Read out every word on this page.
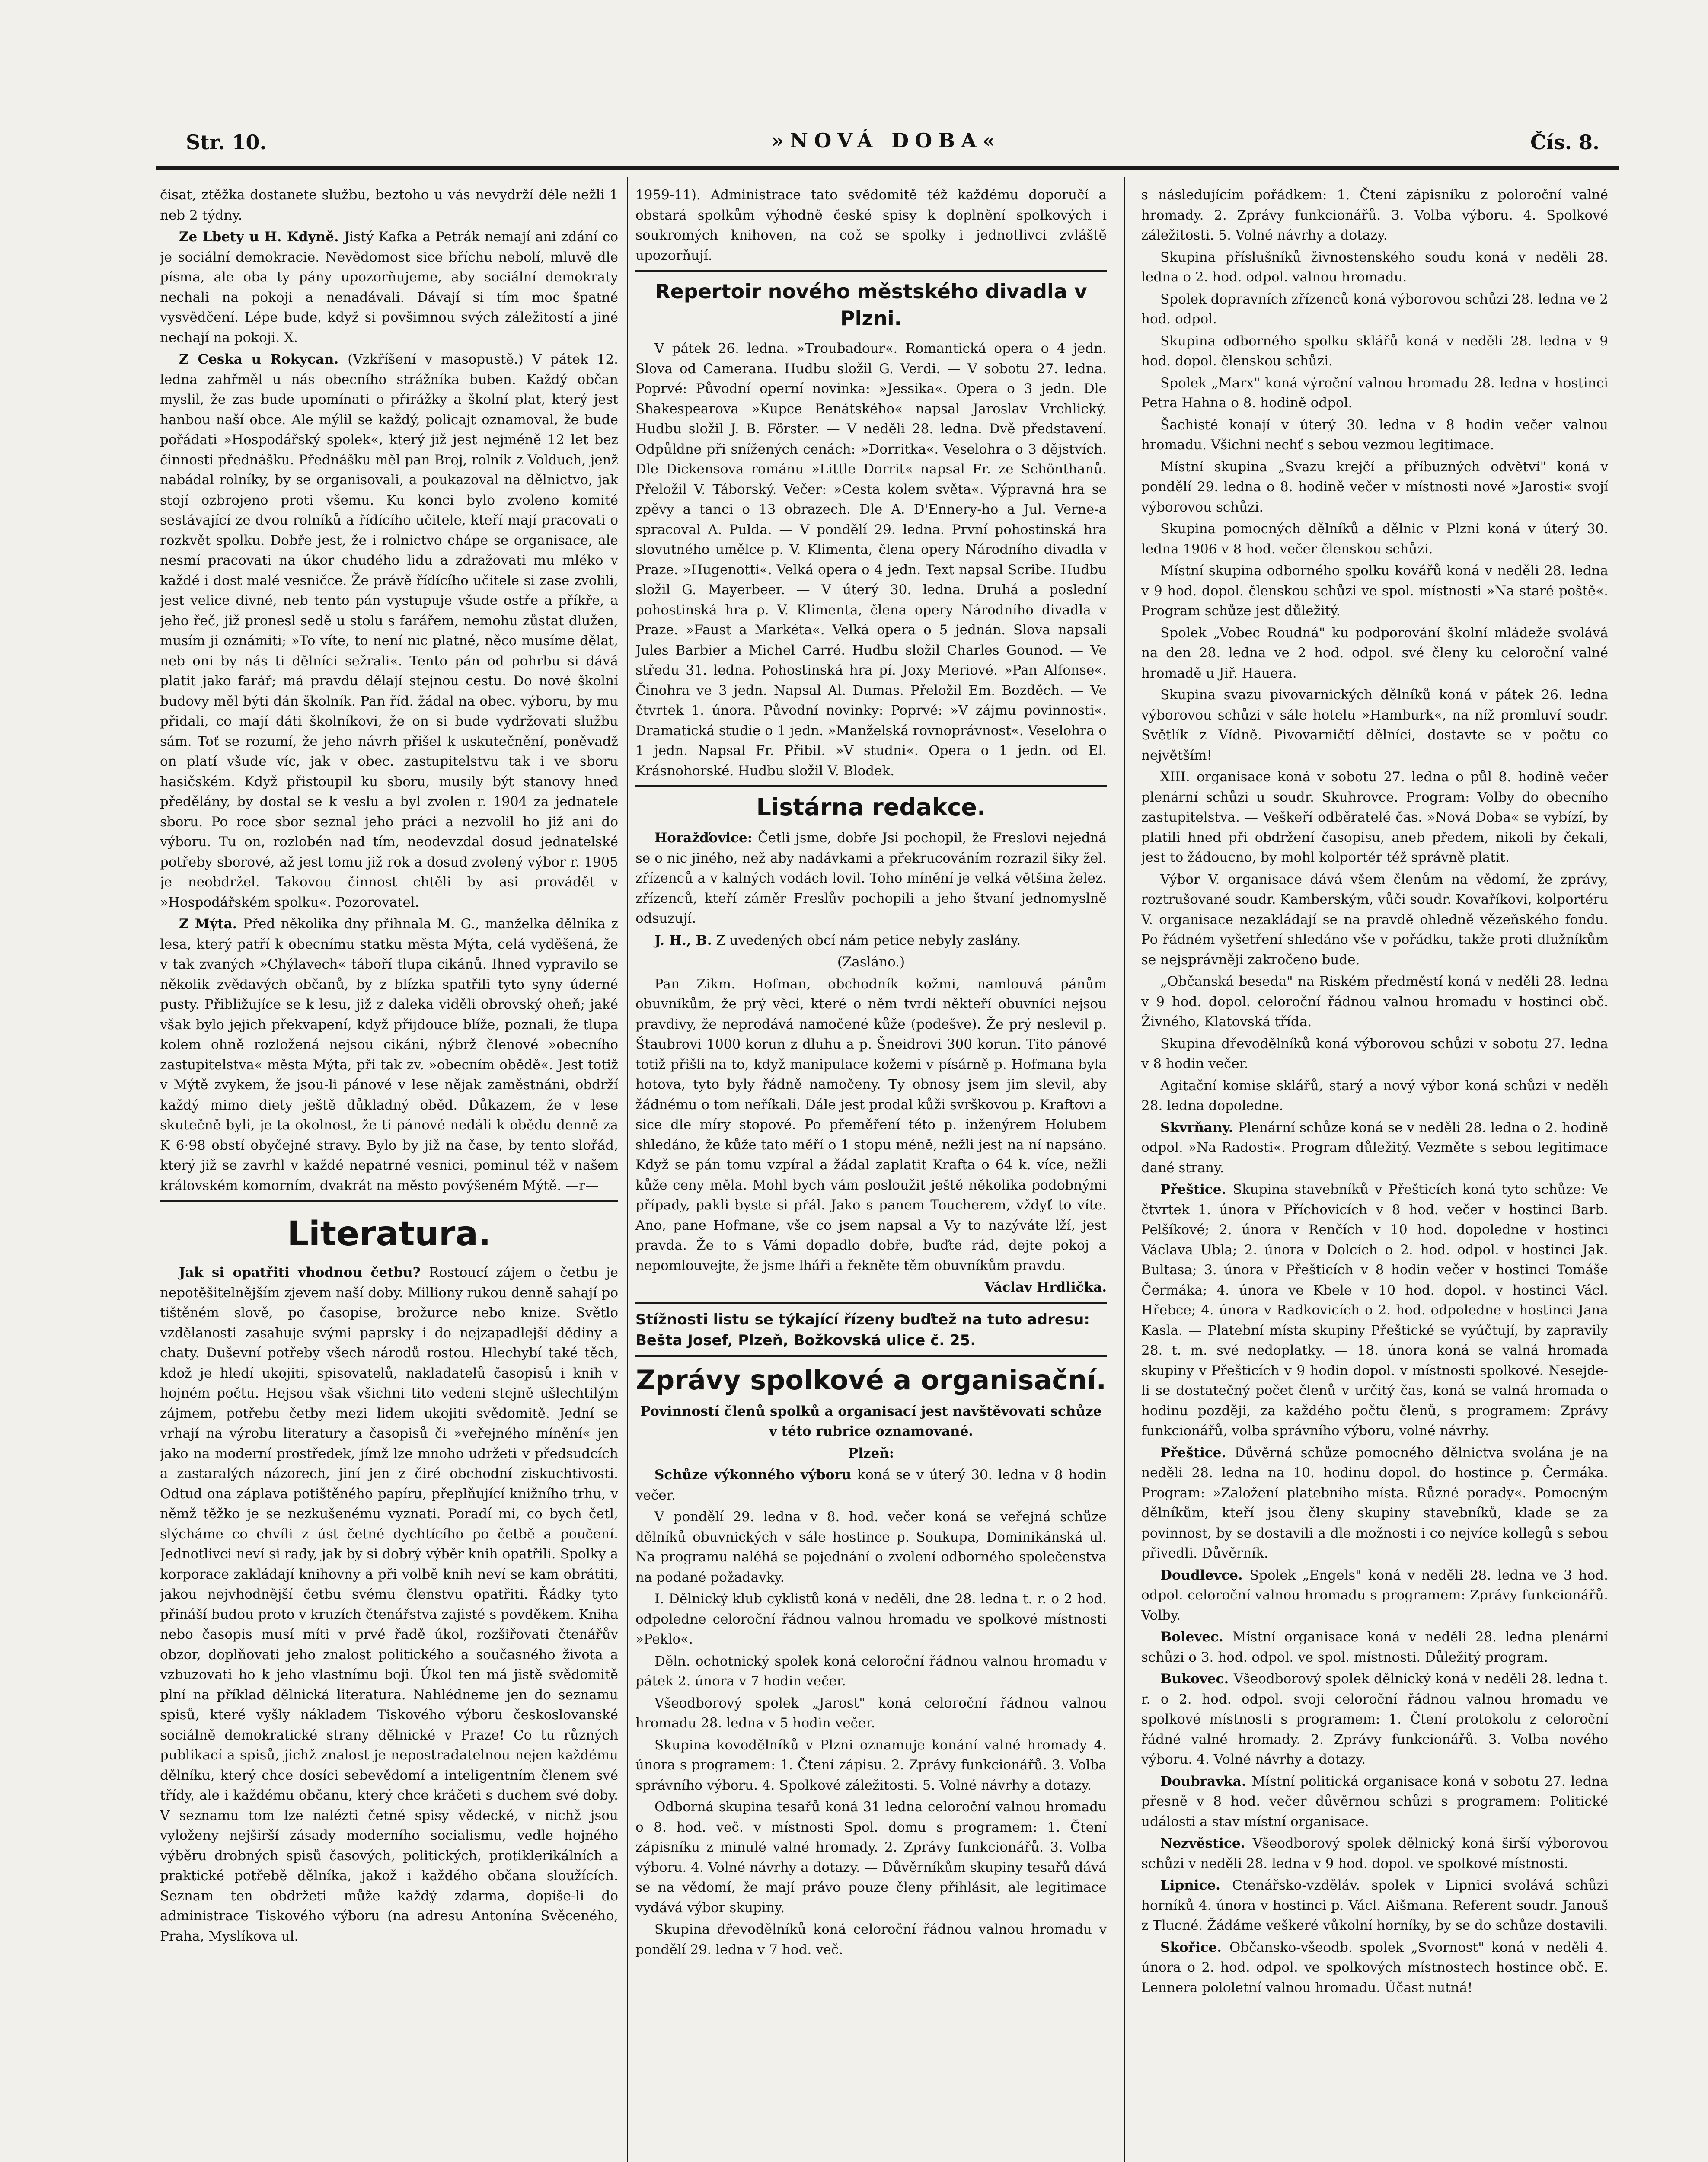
Str. 10.	»NOVÁ DOBA«	Čís. 8.

čisat, ztěžka dostanete službu, beztoho u vás nevydrží déle nežli 1 neb 2 týdny.

Ze Lbety u H. Kdyně. Jistý Kafka a Petrák nemají ani zdání co je sociální demokracie. Nevědomost sice bříchu nebolí, mluvě dle písma, ale oba ty pány upozorňujeme, aby sociální demokraty nechali na pokoji a nenadávali. Dávají si tím moc špatné vysvědčení. Lépe bude, když si povšimnou svých záležitostí a jiné nechají na pokoji. X.

Z Ceska u Rokycan. (Vzkříšení v masopustě.) V pátek 12. ledna zahřměl u nás obecního strážníka buben. Každý občan myslil, že zas bude upomínati o přirážky a školní plat, který jest hanbou naší obce. Ale mýlil se každý, policajt oznamoval, že bude pořádati »Hospodářský spolek«, který již jest nejméně 12 let bez činnosti přednášku. Přednášku měl pan Broj, rolník z Volduch, jenž nabádal rolníky, by se organisovali, a poukazoval na dělnictvo, jak stojí ozbrojeno proti všemu. Ku konci bylo zvoleno komité sestávající ze dvou rolníků a řídícího učitele, kteří mají pracovati o rozkvět spolku. Dobře jest, že i rolnictvo chápe se organisace, ale nesmí pracovati na úkor chudého lidu a zdražovati mu mléko v každé i dost malé vesničce. Že právě řídícího učitele si zase zvolili, jest velice divné, neb tento pán vystupuje všude ostře a příkře, a jeho řeč, již pronesl sedě u stolu s farářem, nemohu zůstat dlužen, musím ji oznámiti; »To víte, to není nic platné, něco musíme dělat, neb oni by nás ti dělníci sežrali«. Tento pán od pohrbu si dává platit jako farář; má pravdu dělají stejnou cestu. Do nové školní budovy měl býti dán školník. Pan říd. žádal na obec. výboru, by mu přidali, co mají dáti školníkovi, že on si bude vydržovati službu sám. Toť se rozumí, že jeho návrh přišel k uskutečnění, poněvadž on platí všude víc, jak v obec. zastupitelstvu tak i ve sboru hasičském. Když přistoupil ku sboru, musily být stanovy hned předělány, by dostal se k veslu a byl zvolen r. 1904 za jednatele sboru. Po roce sbor seznal jeho práci a nezvolil ho již ani do výboru. Tu on, rozlobén nad tím, neodevzdal dosud jednatelské potřeby sborové, až jest tomu již rok a dosud zvolený výbor r. 1905 je neobdržel. Takovou činnost chtěli by asi provádět v »Hospodářském spolku«. Pozorovatel.

Z Mýta. Před několika dny přihnala M. G., manželka dělníka z lesa, který patří k obecnímu statku města Mýta, celá vyděšená, že v tak zvaných »Chýlavech« táboří tlupa cikánů. Ihned vypravilo se několik zvědavých občanů, by z blízka spatřili tyto syny úderné pusty. Přibližujíce se k lesu, již z daleka viděli obrovský oheň; jaké však bylo jejich překvapení, když přijdouce blíže, poznali, že tlupa kolem ohně rozložená nejsou cikáni, nýbrž členové »obecního zastupitelstva« města Mýta, při tak zv. »obecním obědě«. Jest totiž v Mýtě zvykem, že jsou-li pánové v lese nějak zaměstnáni, obdrží každý mimo diety ještě důkladný oběd. Důkazem, že v lese skutečně byli, je ta okolnost, že ti pánové nedáli k obědu denně za K 6·98 obstí obyčejné stravy. Bylo by již na čase, by tento slořád, který již se zavrhl v každé nepatrné vesnici, pominul též v našem královském komorním, dvakrát na město povýšeném Mýtě. —r—

Literatura.

Jak si opatřiti vhodnou četbu? Rostoucí zájem o četbu je nepotěšitelnějším zjevem naší doby. Milliony rukou denně sahají po tištěném slově, po časopise, brožurce nebo knize. Světlo vzdělanosti zasahuje svými paprsky i do nejzapadlejší dědiny a chaty. Duševní potřeby všech národů rostou. Hlechybí také těch, kdož je hledí ukojiti, spisovatelů, nakladatelů časopisů i knih v hojném počtu. Hejsou však všichni tito vedeni stejně ušlechtilým zájmem, potřebu četby mezi lidem ukojiti svědomitě. Jední se vrhají na výrobu literatury a časopisů či »veřejného mínění« jen jako na moderní prostředek, jímž lze mnoho udržeti v předsudcích a zastaralých názorech, jiní jen z čiré obchodní ziskuchtivosti. Odtud ona záplava potištěného papíru, přeplňující knižního trhu, v němž těžko je se nezkušenému vyznati. Poradí mi, co bych četl, slýcháme co chvíli z úst četné dychtícího po četbě a poučení. Jednotlivci neví si rady, jak by si dobrý výběr knih opatřili. Spolky a korporace zakládají knihovny a při volbě knih neví se kam obrátiti, jakou nejvhodnější četbu svému členstvu opatřiti. Řádky tyto přináší budou proto v kruzích čtenářstva zajisté s povděkem. Kniha nebo časopis musí míti v prvé řadě úkol, rozšiřovati čtenářův obzor, doplňovati jeho znalost politického a současného života a vzbuzovati ho k jeho vlastnímu boji. Úkol ten má jistě svědomitě plní na příklad dělnická literatura. Nahlédneme jen do seznamu spisů, které vyšly nákladem Tiskového výboru českoslovanské sociálně demokratické strany dělnické v Praze! Co tu různých publikací a spisů, jichž znalost je nepostradatelnou nejen každému dělníku, který chce dosíci sebevědomí a inteligentním členem své třídy, ale i každému občanu, který chce kráčeti s duchem své doby. V seznamu tom lze nalézti četné spisy vědecké, v nichž jsou vyloženy nejširší zásady moderního socialismu, vedle hojného výběru drobných spisů časových, politických, protiklerikálních a praktické potřebě dělníka, jakož i každého občana sloužících. Seznam ten obdržeti může každý zdarma, dopíše-li do administrace Tiskového výboru (na adresu Antonína Svěceného, Praha, Myslíkova ul.

1959-11). Administrace tato svědomitě též každému doporučí a obstará spolkům výhodně české spisy k doplnění spolkových i soukromých knihoven, na což se spolky i jednotlivci zvláště upozorňují.

Repertoir nového městského divadla v Plzni.

V pátek 26. ledna. »Troubadour«. Romantická opera o 4 jedn. Slova od Camerana. Hudbu složil G. Verdi. — V sobotu 27. ledna. Poprvé: Původní operní novinka: »Jessika«. Opera o 3 jedn. Dle Shakespearova »Kupce Benátského« napsal Jaroslav Vrchlický. Hudbu složil J. B. Förster. — V neděli 28. ledna. Dvě představení. Odpůldne při snížených cenách: »Dorritka«. Veselohra o 3 dějstvích. Dle Dickensova románu »Little Dorrit« napsal Fr. ze Schönthanů. Přeložil V. Táborský. Večer: »Cesta kolem světa«. Výpravná hra se zpěvy a tanci o 13 obrazech. Dle A. D'Ennery-ho a Jul. Verne-a spracoval A. Pulda. — V pondělí 29. ledna. První pohostinská hra slovutného umělce p. V. Klimenta, člena opery Národního divadla v Praze. »Hugenotti«. Velká opera o 4 jedn. Text napsal Scribe. Hudbu složil G. Mayerbeer. — V úterý 30. ledna. Druhá a poslední pohostinská hra p. V. Klimenta, člena opery Národního divadla v Praze. »Faust a Markéta«. Velká opera o 5 jednán. Slova napsali Jules Barbier a Michel Carré. Hudbu složil Charles Gounod. — Ve středu 31. ledna. Pohostinská hra pí. Joxy Meriové. »Pan Alfonse«. Činohra ve 3 jedn. Napsal Al. Dumas. Přeložil Em. Bozděch. — Ve čtvrtek 1. února. Původní novinky: Poprvé: »V zájmu povinnosti«. Dramatická studie o 1 jedn. »Manželská rovnoprávnost«. Veselohra o 1 jedn. Napsal Fr. Přibil. »V studni«. Opera o 1 jedn. od El. Krásnohorské. Hudbu složil V. Blodek.

Listárna redakce.

Horažďovice: Četli jsme, dobře Jsi pochopil, že Freslovi nejedná se o nic jiného, než aby nadávkami a překrucováním rozrazil šiky žel. zřízenců a v kalných vodách lovil. Toho mínění je velká většina želez. zřízenců, kteří záměr Freslův pochopili a jeho štvaní jednomyslně odsuzují.

J. H., B. Z uvedených obcí nám petice nebyly zaslány.

(Zasláno.)

Pan Zikm. Hofman, obchodník kožmi, namlouvá pánům obuvníkům, že prý věci, které o něm tvrdí někteří obuvníci nejsou pravdivy, že neprodává namočené kůže (podešve). Že prý neslevil p. Štaubrovi 1000 korun z dluhu a p. Šneidrovi 300 korun. Tito pánové totiž přišli na to, když manipulace kožemi v písárně p. Hofmana byla hotova, tyto byly řádně namočeny. Ty obnosy jsem jim slevil, aby žádnému o tom neříkali. Dále jest prodal kůži svrškovou p. Kraftovi a sice dle míry stopové. Po přeměření této p. inženýrem Holubem shledáno, že kůže tato měří o 1 stopu méně, nežli jest na ní napsáno. Když se pán tomu vzpíral a žádal zaplatit Krafta o 64 k. více, nežli kůže ceny měla. Mohl bych vám posloužit ještě několika podobnými případy, pakli byste si přál. Jako s panem Toucherem, vždyť to víte. Ano, pane Hofmane, vše co jsem napsal a Vy to nazýváte lží, jest pravda. Že to s Vámi dopadlo dobře, buďte rád, dejte pokoj a nepomlouvejte, že jsme lháři a řekněte těm obuvníkům pravdu.

Václav Hrdlička.

Stížnosti listu se týkající řízeny buďtež na tuto adresu: Bešta Josef, Plzeň, Božkovská ulice č. 25.
Zprávy spolkové a organisační.

Povinností členů spolků a organisací jest navštěvovati schůze v této rubrice oznamované.

Plzeň:

Schůze výkonného výboru koná se v úterý 30. ledna v 8 hodin večer.

V pondělí 29. ledna v 8. hod. večer koná se veřejná schůze dělníků obuvnických v sále hostince p. Soukupa, Dominikánská ul. Na programu naléhá se pojednání o zvolení odborného společenstva na podané požadavky.

I. Dělnický klub cyklistů koná v neděli, dne 28. ledna t. r. o 2 hod. odpoledne celoroční řádnou valnou hromadu ve spolkové místnosti »Peklo«.

Děln. ochotnický spolek koná celoroční řádnou valnou hromadu v pátek 2. února v 7 hodin večer.

Všeodborový spolek „Jarost" koná celoroční řádnou valnou hromadu 28. ledna v 5 hodin večer.

Skupina kovodělníků v Plzni oznamuje konání valné hromady 4. února s programem: 1. Čtení zápisu. 2. Zprávy funkcionářů. 3. Volba správního výboru. 4. Spolkové záležitosti. 5. Volné návrhy a dotazy.

Odborná skupina tesařů koná 31 ledna celoroční valnou hromadu o 8. hod. več. v místnosti Spol. domu s programem: 1. Čtení zápisníku z minulé valné hromady. 2. Zprávy funkcionářů. 3. Volba výboru. 4. Volné návrhy a dotazy. — Důvěrníkům skupiny tesařů dává se na vědomí, že mají právo pouze členy přihlásit, ale legitimace vydává výbor skupiny.

Skupina dřevodělníků koná celoroční řádnou valnou hromadu v pondělí 29. ledna v 7 hod. več.

s následujícím pořádkem: 1. Čtení zápisníku z poloroční valné hromady. 2. Zprávy funkcionářů. 3. Volba výboru. 4. Spolkové záležitosti. 5. Volné návrhy a dotazy.

Skupina příslušníků živnostenského soudu koná v neděli 28. ledna o 2. hod. odpol. valnou hromadu.

Spolek dopravních zřízenců koná výborovou schůzi 28. ledna ve 2 hod. odpol.

Skupina odborného spolku sklářů koná v neděli 28. ledna v 9 hod. dopol. členskou schůzi.

Spolek „Marx" koná výroční valnou hromadu 28. ledna v hostinci Petra Hahna o 8. hodině odpol.

Šachisté konají v úterý 30. ledna v 8 hodin večer valnou hromadu. Všichni nechť s sebou vezmou legitimace.

Místní skupina „Svazu krejčí a příbuzných odvětví" koná v pondělí 29. ledna o 8. hodině večer v místnosti nové »Jarosti« svojí výborovou schůzi.

Skupina pomocných dělníků a dělnic v Plzni koná v úterý 30. ledna 1906 v 8 hod. večer členskou schůzi.

Místní skupina odborného spolku kovářů koná v neděli 28. ledna v 9 hod. dopol. členskou schůzi ve spol. místnosti »Na staré poště«. Program schůze jest důležitý.

Spolek „Vobec Roudná" ku podporování školní mládeže svolává na den 28. ledna ve 2 hod. odpol. své členy ku celoroční valné hromadě u Jiř. Hauera.

Skupina svazu pivovarnických dělníků koná v pátek 26. ledna výborovou schůzi v sále hotelu »Hamburk«, na níž promluví soudr. Světlík z Vídně. Pivovarničtí dělníci, dostavte se v počtu co největším!

XIII. organisace koná v sobotu 27. ledna o půl 8. hodině večer plenární schůzi u soudr. Skuhrovce. Program: Volby do obecního zastupitelstva. — Veškeří odběratelé čas. »Nová Doba« se vybízí, by platili hned při obdržení časopisu, aneb předem, nikoli by čekali, jest to žádoucno, by mohl kolportér též správně platit.

Výbor V. organisace dává všem členům na vědomí, že zprávy, roztrušované soudr. Kamberským, vůči soudr. Kovaříkovi, kolportéru V. organisace nezakládají se na pravdě ohledně vězeňského fondu. Po řádném vyšetření shledáno vše v pořádku, takže proti dlužníkům se nejsprávněji zakročeno bude.

„Občanská beseda" na Riském předměstí koná v neděli 28. ledna v 9 hod. dopol. celoroční řádnou valnou hromadu v hostinci obč. Živného, Klatovská třída.

Skupina dřevodělníků koná výborovou schůzi v sobotu 27. ledna v 8 hodin večer.

Agitační komise sklářů, starý a nový výbor koná schůzi v neděli 28. ledna dopoledne.

Skvrňany. Plenární schůze koná se v neděli 28. ledna o 2. hodině odpol. »Na Radosti«. Program důležitý. Vezměte s sebou legitimace dané strany.

Přeštice. Skupina stavebníků v Přešticích koná tyto schůze: Ve čtvrtek 1. února v Příchovicích v 8 hod. večer v hostinci Barb. Pelšíkové; 2. února v Renčích v 10 hod. dopoledne v hostinci Václava Ubla; 2. února v Dolcích o 2. hod. odpol. v hostinci Jak. Bultasa; 3. února v Přešticích v 8 hodin večer v hostinci Tomáše Čermáka; 4. února ve Kbele v 10 hod. dopol. v hostinci Václ. Hřebce; 4. února v Radkovicích o 2. hod. odpoledne v hostinci Jana Kasla. — Platební místa skupiny Přeštické se vyúčtují, by zapravily 28. t. m. své nedoplatky. — 18. února koná se valná hromada skupiny v Přešticích v 9 hodin dopol. v místnosti spolkové. Nesejde-li se dostatečný počet členů v určitý čas, koná se valná hromada o hodinu později, za každého počtu členů, s programem: Zprávy funkcionářů, volba správního výboru, volné návrhy.

Přeštice. Důvěrná schůze pomocného dělnictva svolána je na neděli 28. ledna na 10. hodinu dopol. do hostince p. Čermáka. Program: »Založení platebního místa. Různé porady«. Pomocným dělníkům, kteří jsou členy skupiny stavebníků, klade se za povinnost, by se dostavili a dle možnosti i co nejvíce kollegů s sebou přivedli. Důvěrník.

Doudlevce. Spolek „Engels" koná v neděli 28. ledna ve 3 hod. odpol. celoroční valnou hromadu s programem: Zprávy funkcionářů. Volby.

Bolevec. Místní organisace koná v neděli 28. ledna plenární schůzi o 3. hod. odpol. ve spol. místnosti. Důležitý program.

Bukovec. Všeodborový spolek dělnický koná v neděli 28. ledna t. r. o 2. hod. odpol. svoji celoroční řádnou valnou hromadu ve spolkové místnosti s programem: 1. Čtení protokolu z celoroční řádné valné hromady. 2. Zprávy funkcionářů. 3. Volba nového výboru. 4. Volné návrhy a dotazy.

Doubravka. Místní politická organisace koná v sobotu 27. ledna přesně v 8 hod. večer důvěrnou schůzi s programem: Politické události a stav místní organisace.

Nezvěstice. Všeodborový spolek dělnický koná širší výborovou schůzi v neděli 28. ledna v 9 hod. dopol. ve spolkové místnosti.

Lipnice. Ctenářsko-vzděláv. spolek v Lipnici svolává schůzi horníků 4. února v hostinci p. Václ. Aišmana. Referent soudr. Janouš z Tlucné. Žádáme veškeré vůkolní horníky, by se do schůze dostavili.

Skořice. Občansko-všeodb. spolek „Svornost" koná v neděli 4. února o 2. hod. odpol. ve spolkových místnostech hostince obč. E. Lennera pololetní valnou hromadu. Účast nutná!
